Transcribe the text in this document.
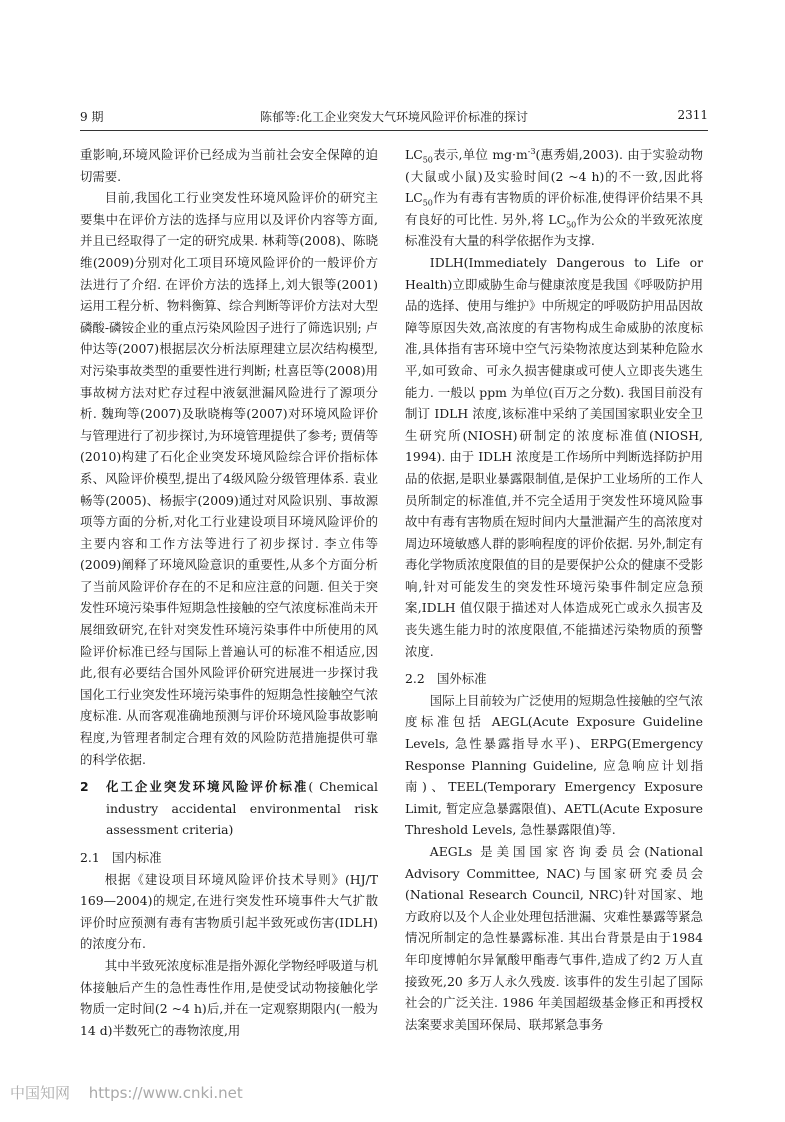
9 期	陈郁等:化工企业突发大气环境风险评价标准的探讨	2311

重影响,环境风险评价已经成为当前社会安全保障的迫切需要.

目前,我国化工行业突发性环境风险评价的研究主要集中在评价方法的选择与应用以及评价内容等方面,并且已经取得了一定的研究成果. 林莉等(2008)、陈晓维(2009)分别对化工项目环境风险评价的一般评价方法进行了介绍. 在评价方法的选择上,刘大银等(2001)运用工程分析、物料衡算、综合判断等评价方法对大型磷酸-磷铵企业的重点污染风险因子进行了筛选识别; 卢仲达等(2007)根据层次分析法原理建立层次结构模型,对污染事故类型的重要性进行判断; 杜喜臣等(2008)用事故树方法对贮存过程中液氨泄漏风险进行了源项分析. 魏珣等(2007)及耿晓梅等(2007)对环境风险评价与管理进行了初步探讨,为环境管理提供了参考; 贾倩等(2010)构建了石化企业突发环境风险综合评价指标体系、风险评价模型,提出了4级风险分级管理体系. 袁业畅等(2005)、杨振宇(2009)通过对风险识别、事故源项等方面的分析,对化工行业建设项目环境风险评价的主要内容和工作方法等进行了初步探讨. 李立伟等(2009)阐释了环境风险意识的重要性,从多个方面分析了当前风险评价存在的不足和应注意的问题. 但关于突发性环境污染事件短期急性接触的空气浓度标准尚未开展细致研究,在针对突发性环境污染事件中所使用的风险评价标准已经与国际上普遍认可的标准不相适应,因此,很有必要结合国外风险评价研究进展进一步探讨我国化工行业突发性环境污染事件的短期急性接触空气浓度标准. 从而客观准确地预测与评价环境风险事故影响程度,为管理者制定合理有效的风险防范措施提供可靠的科学依据.

2	化工企业突发环境风险评价标准( Chemical industry accidental environmental risk assessment criteria)
2.1 国内标准

根据《建设项目环境风险评价技术导则》(HJ/T 169—2004)的规定,在进行突发性环境事件大气扩散评价时应预测有毒有害物质引起半致死或伤害(IDLH)的浓度分布.

其中半致死浓度标准是指外源化学物经呼吸道与机体接触后产生的急性毒性作用,是使受试动物接触化学物质一定时间(2 ~4 h)后,并在一定观察期限内(一般为14 d)半数死亡的毒物浓度,用

$LC_{50}$表示,单位 $mg\cdot m^{-3}$(惠秀娟,2003). 由于实验动物(大鼠或小鼠)及实验时间(2 ~4 h)的不一致,因此将 $LC_{50}$作为有毒有害物质的评价标准,使得评价结果不具有良好的可比性. 另外,将 $LC_{50}$作为公众的半致死浓度标准没有大量的科学依据作为支撑.

IDLH(Immediately Dangerous to Life or Health)立即威胁生命与健康浓度是我国《呼吸防护用品的选择、使用与维护》中所规定的呼吸防护用品因故障等原因失效,高浓度的有害物构成生命威胁的浓度标准,具体指有害环境中空气污染物浓度达到某种危险水平,如可致命、可永久损害健康或可使人立即丧失逃生能力. 一般以 ppm 为单位(百万之分数). 我国目前没有制订 IDLH 浓度,该标准中采纳了美国国家职业安全卫生研究所(NIOSH)研制定的浓度标准值(NIOSH, 1994). 由于 IDLH 浓度是工作场所中判断选择防护用品的依据,是职业暴露限制值,是保护工业场所的工作人员所制定的标准值,并不完全适用于突发性环境风险事故中有毒有害物质在短时间内大量泄漏产生的高浓度对周边环境敏感人群的影响程度的评价依据. 另外,制定有毒化学物质浓度限值的目的是要保护公众的健康不受影响,针对可能发生的突发性环境污染事件制定应急预案,IDLH 值仅限于描述对人体造成死亡或永久损害及丧失逃生能力时的浓度限值,不能描述污染物质的预警浓度.

2.2 国外标准

国际上目前较为广泛使用的短期急性接触的空气浓度标准包括 AEGL(Acute Exposure Guideline Levels, 急性暴露指导水平)、ERPG(Emergency Response Planning Guideline, 应急响应计划指南)、TEEL(Temporary Emergency Exposure Limit, 暂定应急暴露限值)、AETL(Acute Exposure Threshold Levels, 急性暴露限值)等.

AEGLs 是美国国家咨询委员会(National Advisory Committee, NAC)与国家研究委员会(National Research Council, NRC)针对国家、地方政府以及个人企业处理包括泄漏、灾难性暴露等紧急情况所制定的急性暴露标准. 其出台背景是由于1984 年印度博帕尔异氰酸甲酯毒气事件,造成了约2 万人直接致死,20 多万人永久残废. 该事件的发生引起了国际社会的广泛关注. 1986 年美国超级基金修正和再授权法案要求美国环保局、联邦紧急事务

中国知网 https://www.cnki.net
